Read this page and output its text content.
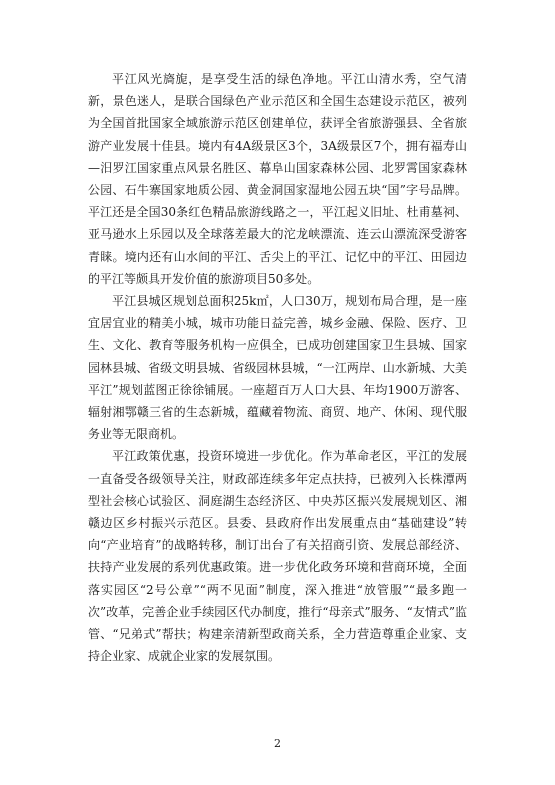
平江风光旖旎，是享受生活的绿色净地。平江山清水秀，空气清新，景色迷人，是联合国绿色产业示范区和全国生态建设示范区，被列为全国首批国家全域旅游示范区创建单位，获评全省旅游强县、全省旅游产业发展十佳县。境内有4A级景区3个，3A级景区7个，拥有福寿山—汨罗江国家重点风景名胜区、幕阜山国家森林公园、北罗霄国家森林公园、石牛寨国家地质公园、黄金洞国家湿地公园五块“国”字号品牌。平江还是全国30条红色精品旅游线路之一，平江起义旧址、杜甫墓祠、亚马逊水上乐园以及全球落差最大的沱龙峡漂流、连云山漂流深受游客青睐。境内还有山水间的平江、舌尖上的平江、记忆中的平江、田园边的平江等颇具开发价值的旅游项目50多处。

平江县城区规划总面积25k㎡，人口30万，规划布局合理，是一座宜居宜业的精美小城，城市功能日益完善，城乡金融、保险、医疗、卫生、文化、教育等服务机构一应俱全，已成功创建国家卫生县城、国家园林县城、省级文明县城、省级园林县城，“一江两岸、山水新城、大美平江”规划蓝图正徐徐铺展。一座超百万人口大县、年均1900万游客、辐射湘鄂赣三省的生态新城，蕴藏着物流、商贸、地产、休闲、现代服务业等无限商机。

平江政策优惠，投资环境进一步优化。作为革命老区，平江的发展一直备受各级领导关注，财政部连续多年定点扶持，已被列入长株潭两型社会核心试验区、洞庭湖生态经济区、中央苏区振兴发展规划区、湘赣边区乡村振兴示范区。县委、县政府作出发展重点由“基础建设”转向“产业培育”的战略转移，制订出台了有关招商引资、发展总部经济、扶持产业发展的系列优惠政策。进一步优化政务环境和营商环境，全面落实园区“2号公章”“两不见面”制度，深入推进“放管服”“最多跑一次”改革，完善企业手续园区代办制度，推行“母亲式”服务、“友情式”监管、“兄弟式”帮扶；构建亲清新型政商关系，全力营造尊重企业家、支持企业家、成就企业家的发展氛围。

2
